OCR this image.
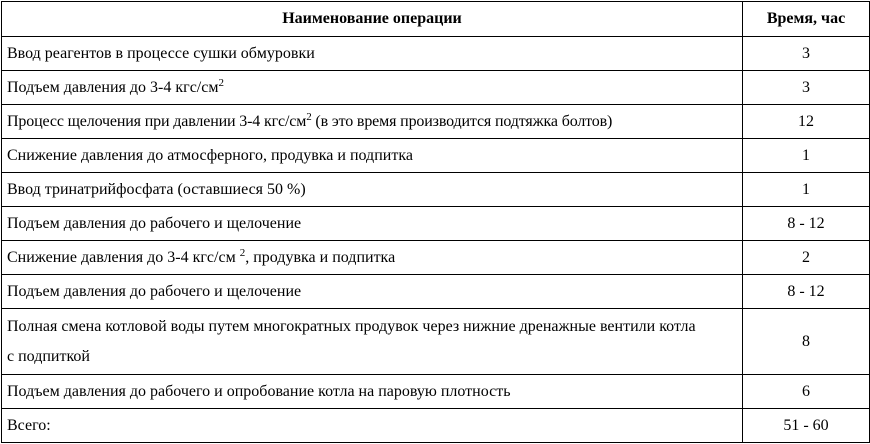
Наименование операции	Время, час
Ввод реагентов в процессе сушки обмуровки	3
Подъем давления до 3-4 кгс/$см^2$	3
Процесс щелочения при давлении 3-4 кгс/$см^2$ (в это время производится подтяжка болтов)	12
Снижение давления до атмосферного, продувка и подпитка	1
Ввод тринатрийфосфата (оставшиеся 50 %)	1
Подъем давления до рабочего и щелочение	8 - 12
Снижение давления до 3-4 кгс/см $^2$, продувка и подпитка	2
Подъем давления до рабочего и щелочение	8 - 12
Полная смена котловой воды путем многократных продувок через нижние дренажные вентили котла с подпиткой	8
Подъем давления до рабочего и опробование котла на паровую плотность	6
Всего:	51 - 60
